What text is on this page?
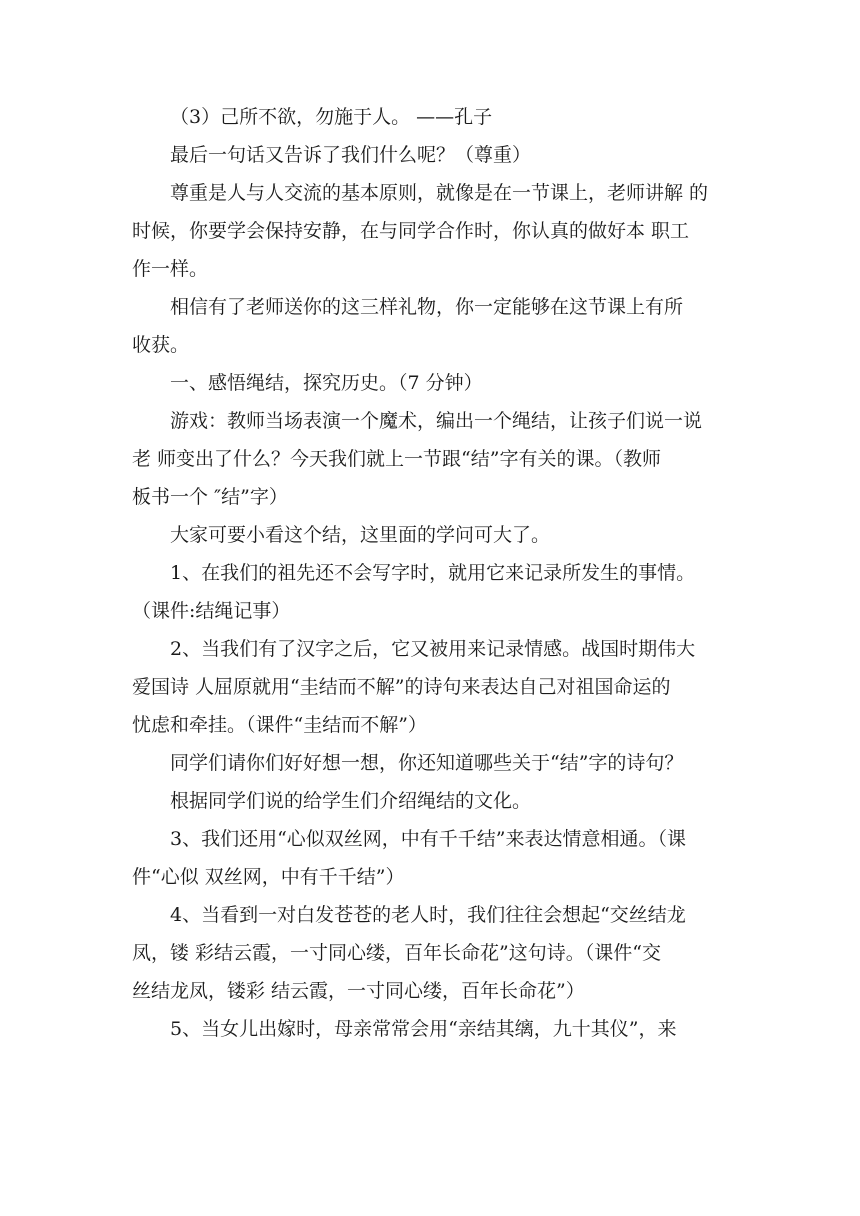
（3）己所不欲，勿施于人。 ——孔子

最后一句话又告诉了我们什么呢？（尊重）

尊重是人与人交流的基本原则，就像是在一节课上，老师讲解 的
时候，你要学会保持安静，在与同学合作时，你认真的做好本 职工
作一样。

相信有了老师送你的这三样礼物，你一定能够在这节课上有所
收获。

一、感悟绳结，探究历史。（7 分钟）

游戏：教师当场表演一个魔术，编出一个绳结，让孩子们说一说
老 师变出了什么？今天我们就上一节跟“结”字有关的课。（教师
板书一个 ″结”字）

大家可要小看这个结，这里面的学问可大了。

1、在我们的祖先还不会写字时，就用它来记录所发生的事情。
（课件:结绳记事）

2、当我们有了汉字之后，它又被用来记录情感。战国时期伟大
爱国诗 人屈原就用“圭结而不解”的诗句来表达自己对祖国命运的
忧虑和牵挂。（课件“圭结而不解”）

同学们请你们好好想一想，你还知道哪些关于“结”字的诗句？

根据同学们说的给学生们介绍绳结的文化。

3、我们还用“心似双丝网，中有千千结”来表达情意相通。（课
件“心似 双丝网，中有千千结”）

4、当看到一对白发苍苍的老人时，我们往往会想起“交丝结龙
凤，镂 彩结云霞，一寸同心缕，百年长命花”这句诗。（课件“交
丝结龙凤，镂彩 结云霞，一寸同心缕，百年长命花”）

5、当女儿出嫁时，母亲常常会用“亲结其缡，九十其仪”，来
